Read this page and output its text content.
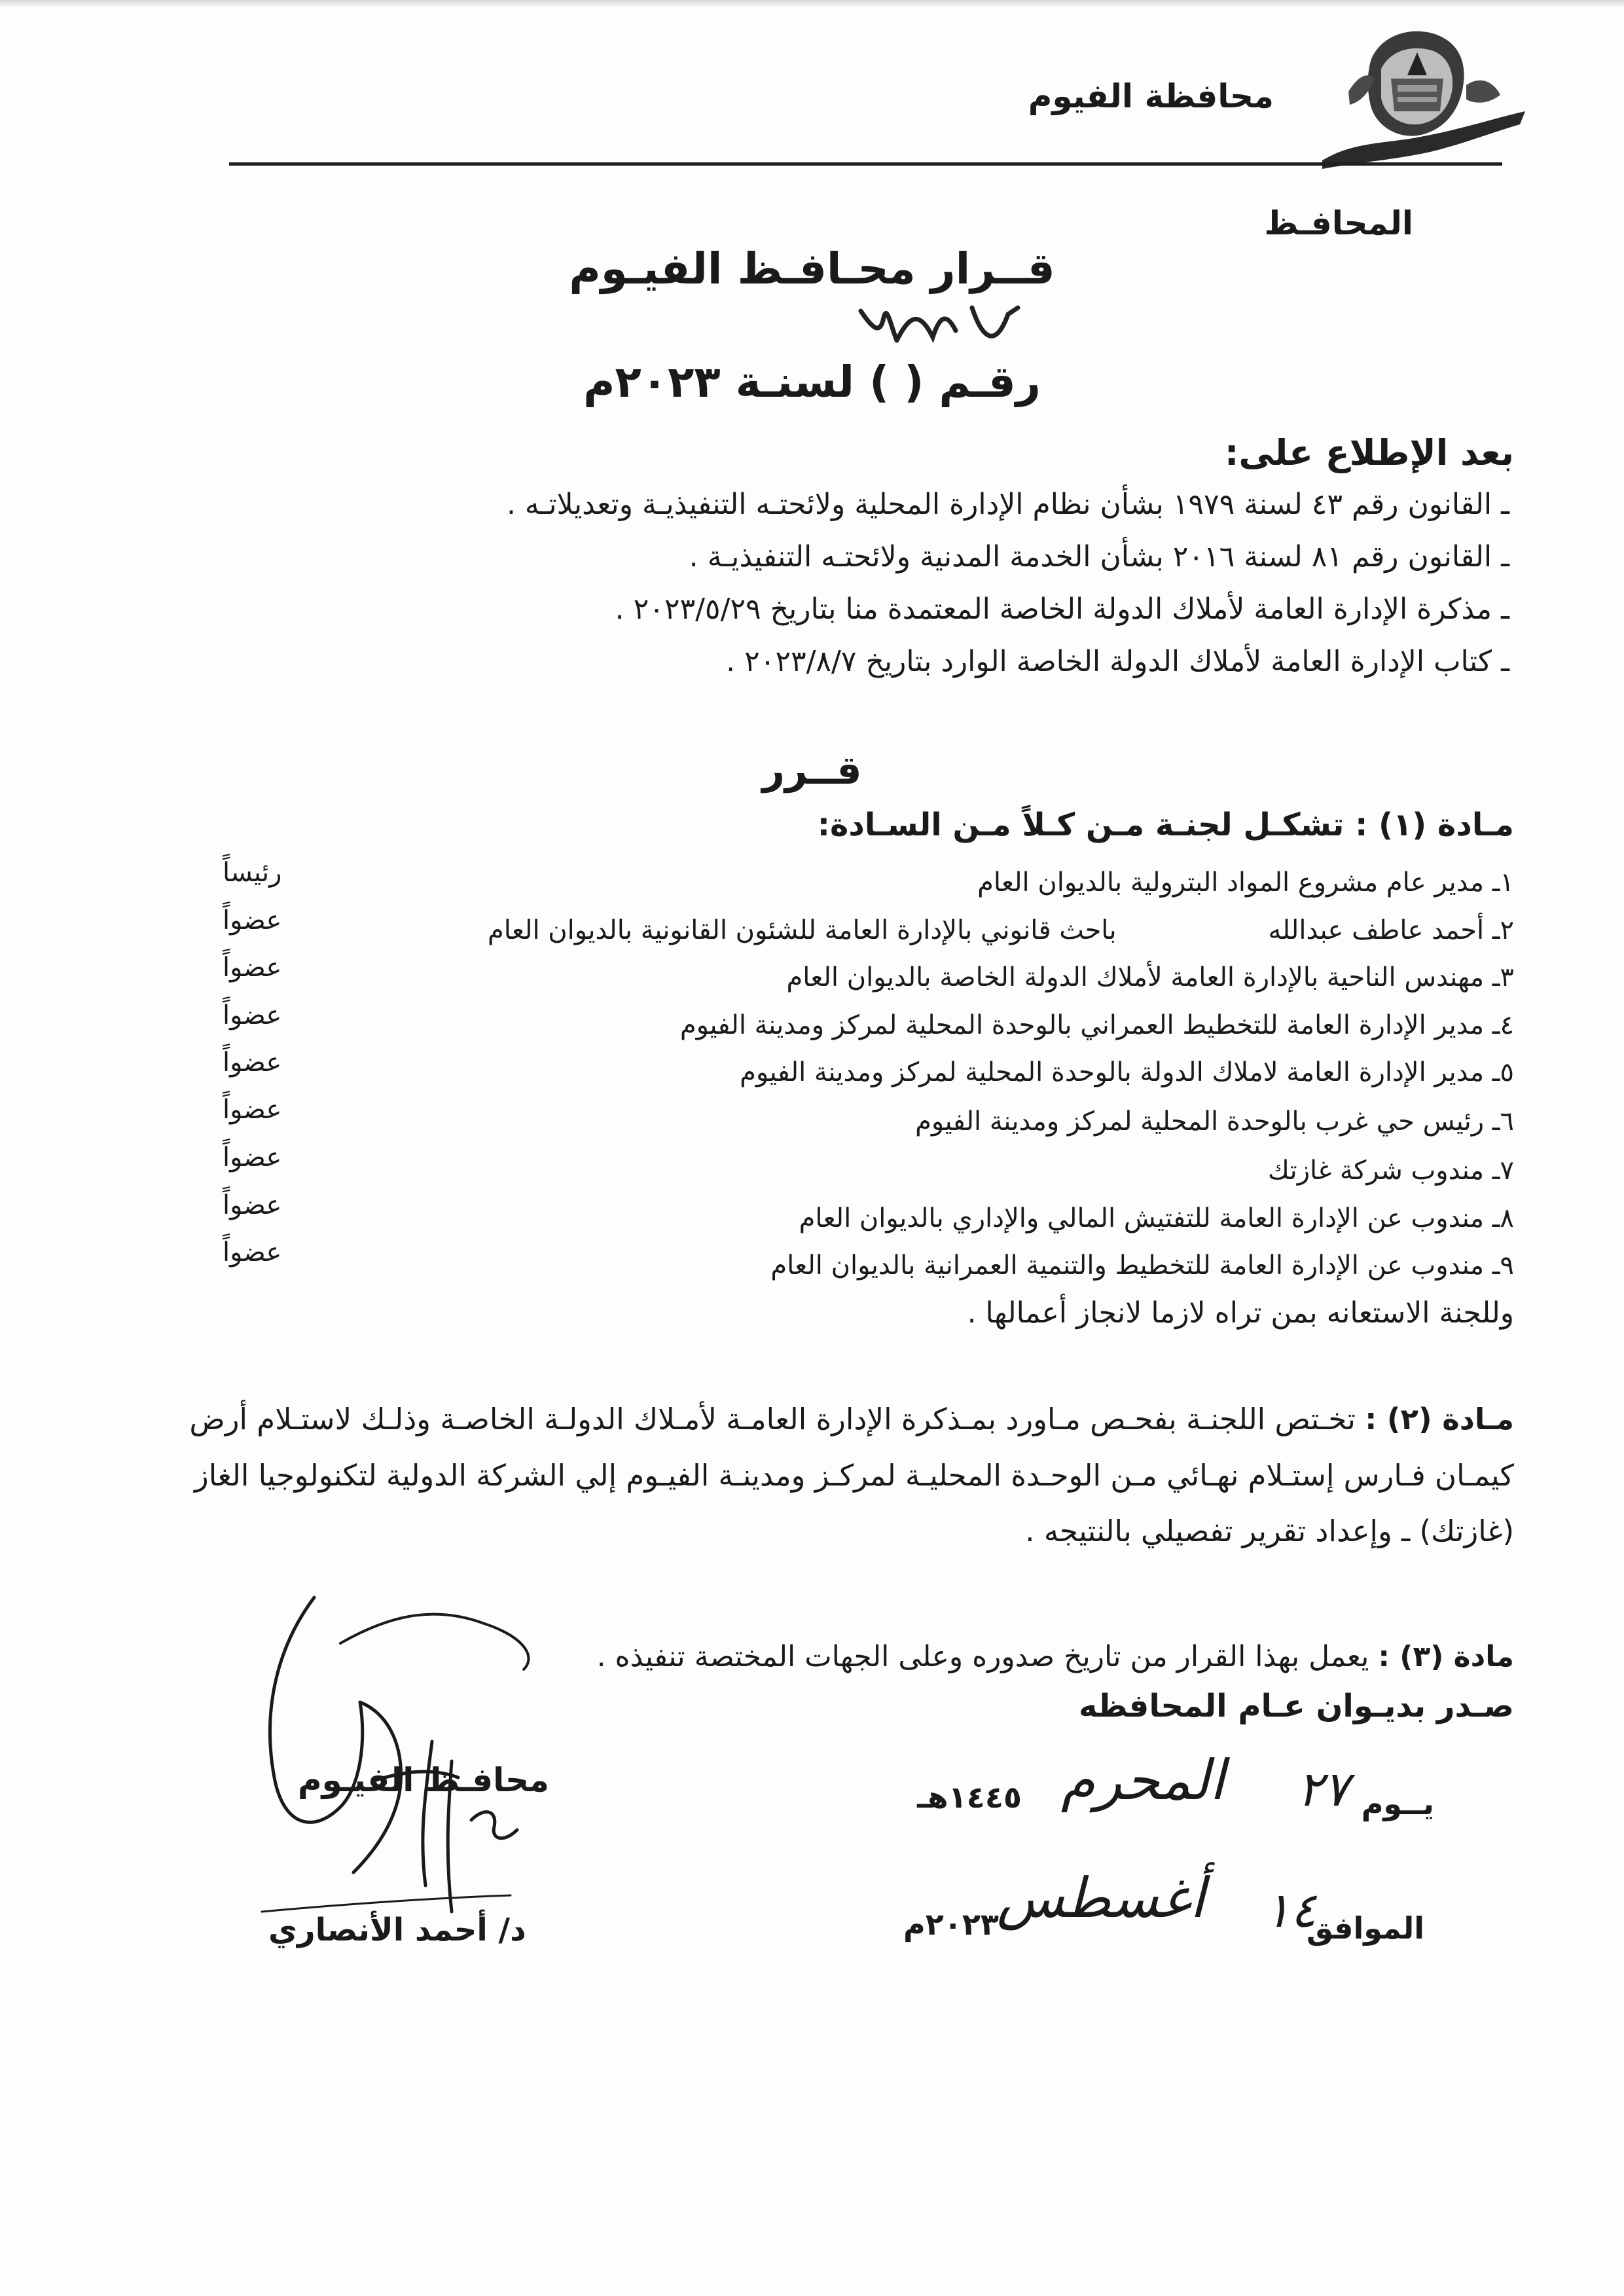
محافظة الفيوم
المحافـظ
قــرار محـافـظ الفيـوم
رقـم ( ) لسنـة ٢٠٢٣م
بعد الإطلاع على:
ـ القانون رقم ٤٣ لسنة ١٩٧٩ بشأن نظام الإدارة المحلية ولائحتـه التنفيذيـة وتعديلاتـه .
ـ القانون رقم ٨١ لسنة ٢٠١٦ بشأن الخدمة المدنية ولائحتـه التنفيذيـة .
ـ مذكرة الإدارة العامة لأملاك الدولة الخاصة المعتمدة منا بتاريخ ٢٠٢٣/٥/٢٩ .
ـ كتاب الإدارة العامة لأملاك الدولة الخاصة الوارد بتاريخ ٢٠٢٣/٨/٧ .
قــرر
مـادة (١) : تشكـل لجنـة مـن كـلاً مـن السـادة:
١ـ مدير عام مشروع المواد البترولية بالديوان العام
رئيساً
٢ـ أحمد عاطف عبدالله
باحث قانوني بالإدارة العامة للشئون القانونية بالديوان العام
عضواً
٣ـ مهندس الناحية بالإدارة العامة لأملاك الدولة الخاصة بالديوان العام
عضواً
٤ـ مدير الإدارة العامة للتخطيط العمراني بالوحدة المحلية لمركز ومدينة الفيوم
عضواً
٥ـ مدير الإدارة العامة لاملاك الدولة بالوحدة المحلية لمركز ومدينة الفيوم
عضواً
٦ـ رئيس حي غرب بالوحدة المحلية لمركز ومدينة الفيوم
عضواً
٧ـ مندوب شركة غازتك
عضواً
٨ـ مندوب عن الإدارة العامة للتفتيش المالي والإداري بالديوان العام
عضواً
٩ـ مندوب عن الإدارة العامة للتخطيط والتنمية العمرانية بالديوان العام
عضواً
وللجنة الاستعانه بمن تراه لازما لانجاز أعمالها .
مـادة (٢) : تخـتص اللجنـة بفحـص مـاورد بمـذكرة الإدارة العامـة لأمـلاك الدولـة الخاصـة وذلـك لاستـلام أرض كيمـان فـارس إستـلام نهـائي مـن الوحـدة المحليـة لمركـز ومدينـة الفيـوم إلي الشركة الدولية لتكنولوجيا الغاز (غازتك) ـ وإعداد تقرير تفصيلي بالنتيجه .
مادة (٣) : يعمل بهذا القرار من تاريخ صدوره وعلى الجهات المختصة تنفيذه .
صـدر بديـوان عـام المحافظه
يــوم
٢٧
المحرم
١٤٤٥هـ
الموافق
١٤
أغسطس
٢٠٢٣م
محافـظ الفيـوم
د/ أحمد الأنصاري
